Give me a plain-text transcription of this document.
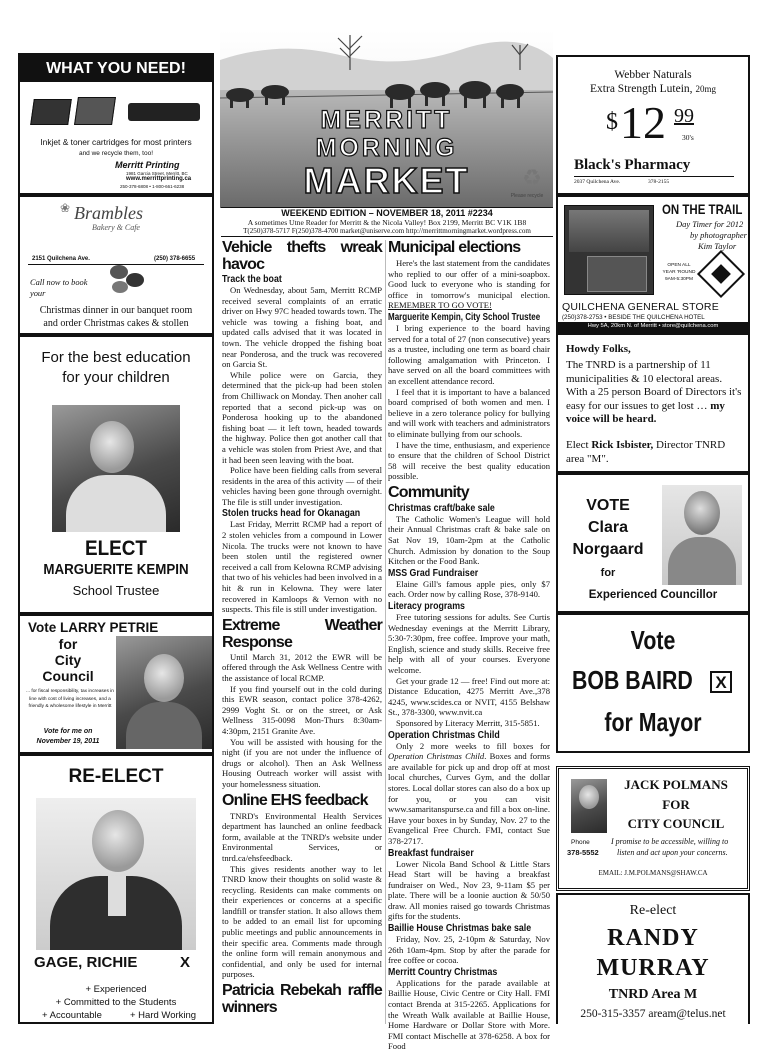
MERRITT
MORNING
MARKET	♻
Please recycle
WEEKEND EDITION – NOVEMBER 18, 2011 #2234
A sometimes Utne Reader for Merritt & the Nicola Valley! Box 2199, Merritt BC V1K 1B8
T(250)378-5717 F(250)378-4700 market@uniserve.com http://merrittmorningmarket.wordpress.com
WHAT YOU NEED!
Inkjet & toner cartridges for most printers
and we recycle them, too!
Merritt Printing
1981 Garcia Street, Merritt, BC
www.merrittprinting.ca
250-378-6808 • 1-800-661-6238
Brambles
Bakery & Cafe
❀
2151 Quilchena Ave.	(250) 378-6655
Call now to book your
Christmas dinner in our banquet room
and order Christmas cakes & stollen
For the best education
for your children
ELECT
MARGUERITE KEMPIN
School Trustee
Vote LARRY PETRIE
for
City
Council
... for fiscal responsibility, tax increases in line with cost of living increases, and a friendly & wholesome lifestyle in Merritt
Vote for me on
November 19, 2011
RE-ELECT
GAGE, RICHIE	X
+ Experienced
+ Committed to the Students
+ Accountable	+ Hard Working
Webber Naturals
Extra Strength Lutein, 20mg
$ 12 99
30's
Black's Pharmacy
2037 Quilchena Ave.	378-2155
ON THE TRAIL
Day Timer for 2012
by photographer
Kim Taylor
OPEN ALL
YEAR 'ROUND
9AM-5:30PM
QUILCHENA GENERAL STORE
(250)378-2753 • BESIDE THE QUILCHENA HOTEL
Hwy 5A, 20km N. of Merritt • store@quilchena.com
Howdy Folks,
The TNRD is a partnership of 11 municipalities & 10 electoral areas. With a 25 person Board of Directors it's easy for our issues to get lost … my voice will be heard.
Elect Rick Isbister, Director TNRD area "M".
VOTE
Clara
Norgaard
for
Experienced Councillor
Vote
BOB BAIRD	X
for Mayor
JACK POLMANS
FOR
CITY COUNCIL
Phone
378-5552
I promise to be accessible, willing to
listen and act upon your concerns.
EMAIL: J.M.POLMANS@SHAW.CA
Re-elect
RANDY
MURRAY
TNRD Area M
250-315-3357 aream@telus.net
Vehicle thefts wreak havoc
Track the boat

On Wednesday, about 5am, Merritt RCMP received several complaints of an erratic driver on Hwy 97C headed towards town. The vehicle was towing a fishing boat, and updated calls advised that it was located in town. The vehicle dropped the fishing boat near Ponderosa, and the truck was recovered on Garcia St.

While police were on Garcia, they determined that the pick-up had been stolen from Chilliwack on Monday. Then anoher call reported that a second pick-up was on Ponderosa hooking up to the abandoned fishing boat — it left town, headed towards the highway. Police then got another call that a vehicle was stolen from Priest Ave, and that it had been seen leaving with the boat.

Police have been fielding calls from several residents in the area of this activity — of their vehicles having been gone through overnight. The file is still under investigation.

Stolen trucks head for Okanagan

Last Friday, Merritt RCMP had a report of 2 stolen vehicles from a compound in Lower Nicola. The trucks were not known to have been stolen until the registered owner received a call from Kelowna RCMP advising that two of his vehicles had been involved in a hit & run in Kelowna. They were later recovered in Kamloops & Vernon with no suspects. This file is still under investigation.

Extreme Weather Response

Until March 31, 2012 the EWR will be offered through the Ask Wellness Centre with the assistance of local RCMP.

If you find yourself out in the cold during this EWR season, contact police 378-4262, 2999 Voght St. or on the street, or Ask Wellness 315-0098 Mon-Thurs 8:30am-4:30pm, 2151 Granite Ave.

You will be assisted with housing for the night (if you are not under the influence of drugs or alcohol). Then an Ask Wellness Housing Outreach worker will assist with your homelessness situation.

Online EHS feedback

TNRD's Environmental Health Services department has launched an online feedback form, available at the TNRD's website under Environmental Services, or tnrd.ca/ehsfeedback.

This gives residents another way to let TNRD know their thoughts on solid waste & recycling. Residents can make comments on their experiences or concerns at a specific landfill or transfer station. It also allows them to be added to an email list for upcoming public meetings and public announcements in their specific area. Comments made through the online form will remain anonymous and confidential, and only be used for internal purposes.

Patricia Rebekah raffle winners
Municipal elections

Here's the last statement from the candidates who replied to our offer of a mini-soapbox. Good luck to everyone who is standing for office in tomorrow's municipal election. REMEMBER TO GO VOTE!

Marguerite Kempin, City School Trustee

I bring experience to the board having served for a total of 27 (non consecutive) years as a trustee, including one term as board chair following amalgamation with Princeton. I have served on all the board committees with an excellent attendance record.

I feel that it is important to have a balanced board comprised of both women and men. I believe in a zero tolerance policy for bullying and will work with teachers and administrators to eliminate bullying from our schools.

I have the time, enthusiasm, and experience to ensure that the children of School District 58 will receive the best quality education possible.

Community
Christmas craft/bake sale

The Catholic Women's League will hold their Annual Christmas craft & bake sale on Sat Nov 19, 10am-2pm at the Catholic Church. Admission by donation to the Soup Kitchen or the Food Bank.

MSS Grad Fundraiser

Elaine Gill's famous apple pies, only $7 each. Order now by calling Rose, 378-9140.

Literacy programs

Free tutoring sessions for adults. See Curtis Wednesday evenings at the Merritt Library, 5:30-7:30pm, free coffee. Improve your math, English, science and study skills. Receive free help with all of your courses. Everyone welcome.

Get your grade 12 — free! Find out more at: Distance Education, 4275 Merritt Ave.,378 4245, www.scides.ca or NVIT, 4155 Belshaw St., 378-3300, www.nvit.ca

Sponsored by Literacy Merritt, 315-5851.

Operation Christmas Child

Only 2 more weeks to fill boxes for Operation Christmas Child. Boxes and forms are available for pick up and drop off at most local churches, Curves Gym, and the dollar stores. Local dollar stores can also do a box up for you, or you can visit www.samaritanspurse.ca and fill a box on-line. Have your boxes in by Sunday, Nov. 27 to the Evangelical Free Church. FMI, contact Sue 378-2717.

Breakfast fundraiser

Lower Nicola Band School & Little Stars Head Start will be having a breakfast fundraiser on Wed., Nov 23, 9-11am $5 per plate. There will be a loonie auction & 50/50 draw. All monies raised go towards Christmas gifts for the students.

Baillie House Christmas bake sale

Friday, Nov. 25, 2-10pm & Saturday, Nov 26th 10am-4pm. Stop by after the parade for free coffee or cocoa.

Merritt Country Christmas

Applications for the parade available at Baillie House, Civic Centre or City Hall. FMI contact Brenda at 315-2265. Applications for the Wreath Walk available at Baillie House, Home Hardware or Dollar Store with More. FMI contact Mischelle at 378-6258. A box for Food
